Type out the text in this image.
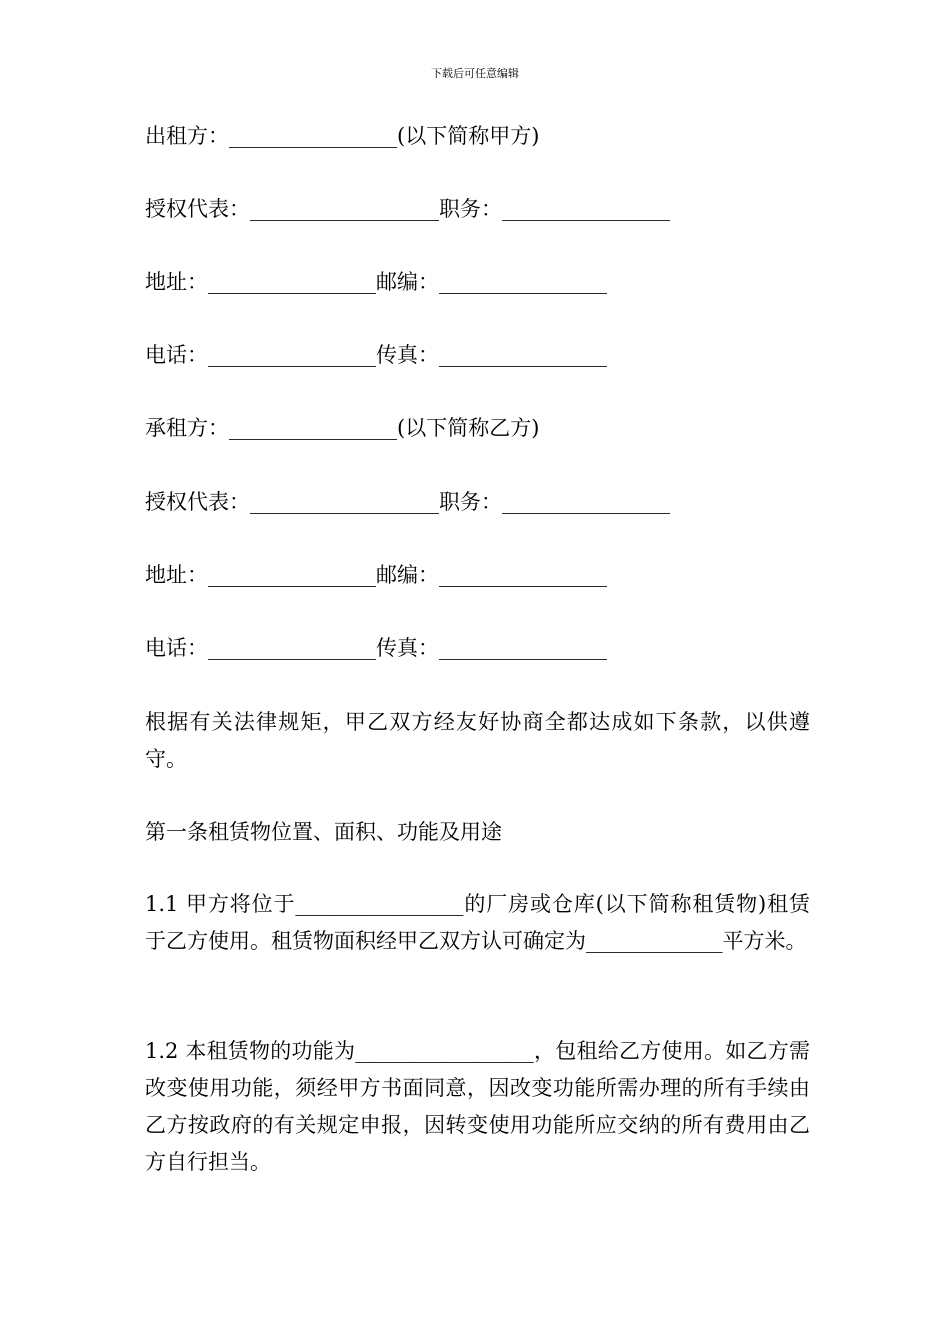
下载后可任意编辑
出租方：________________(以下简称甲方)
授权代表：__________________职务：________________
地址：________________邮编：________________
电话：________________传真：________________
承租方：________________(以下简称乙方)
授权代表：__________________职务：________________
地址：________________邮编：________________
电话：________________传真：________________
根据有关法律规矩，甲乙双方经友好协商全都达成如下条款，以供遵守。
第一条租赁物位置、面积、功能及用途
1.1 甲方将位于________________的厂房或仓库(以下简称租赁物)租赁于乙方使用。租赁物面积经甲乙双方认可确定为_____________平方米。
1.2 本租赁物的功能为_________________，包租给乙方使用。如乙方需改变使用功能，须经甲方书面同意，因改变功能所需办理的所有手续由乙方按政府的有关规定申报，因转变使用功能所应交纳的所有费用由乙方自行担当。
